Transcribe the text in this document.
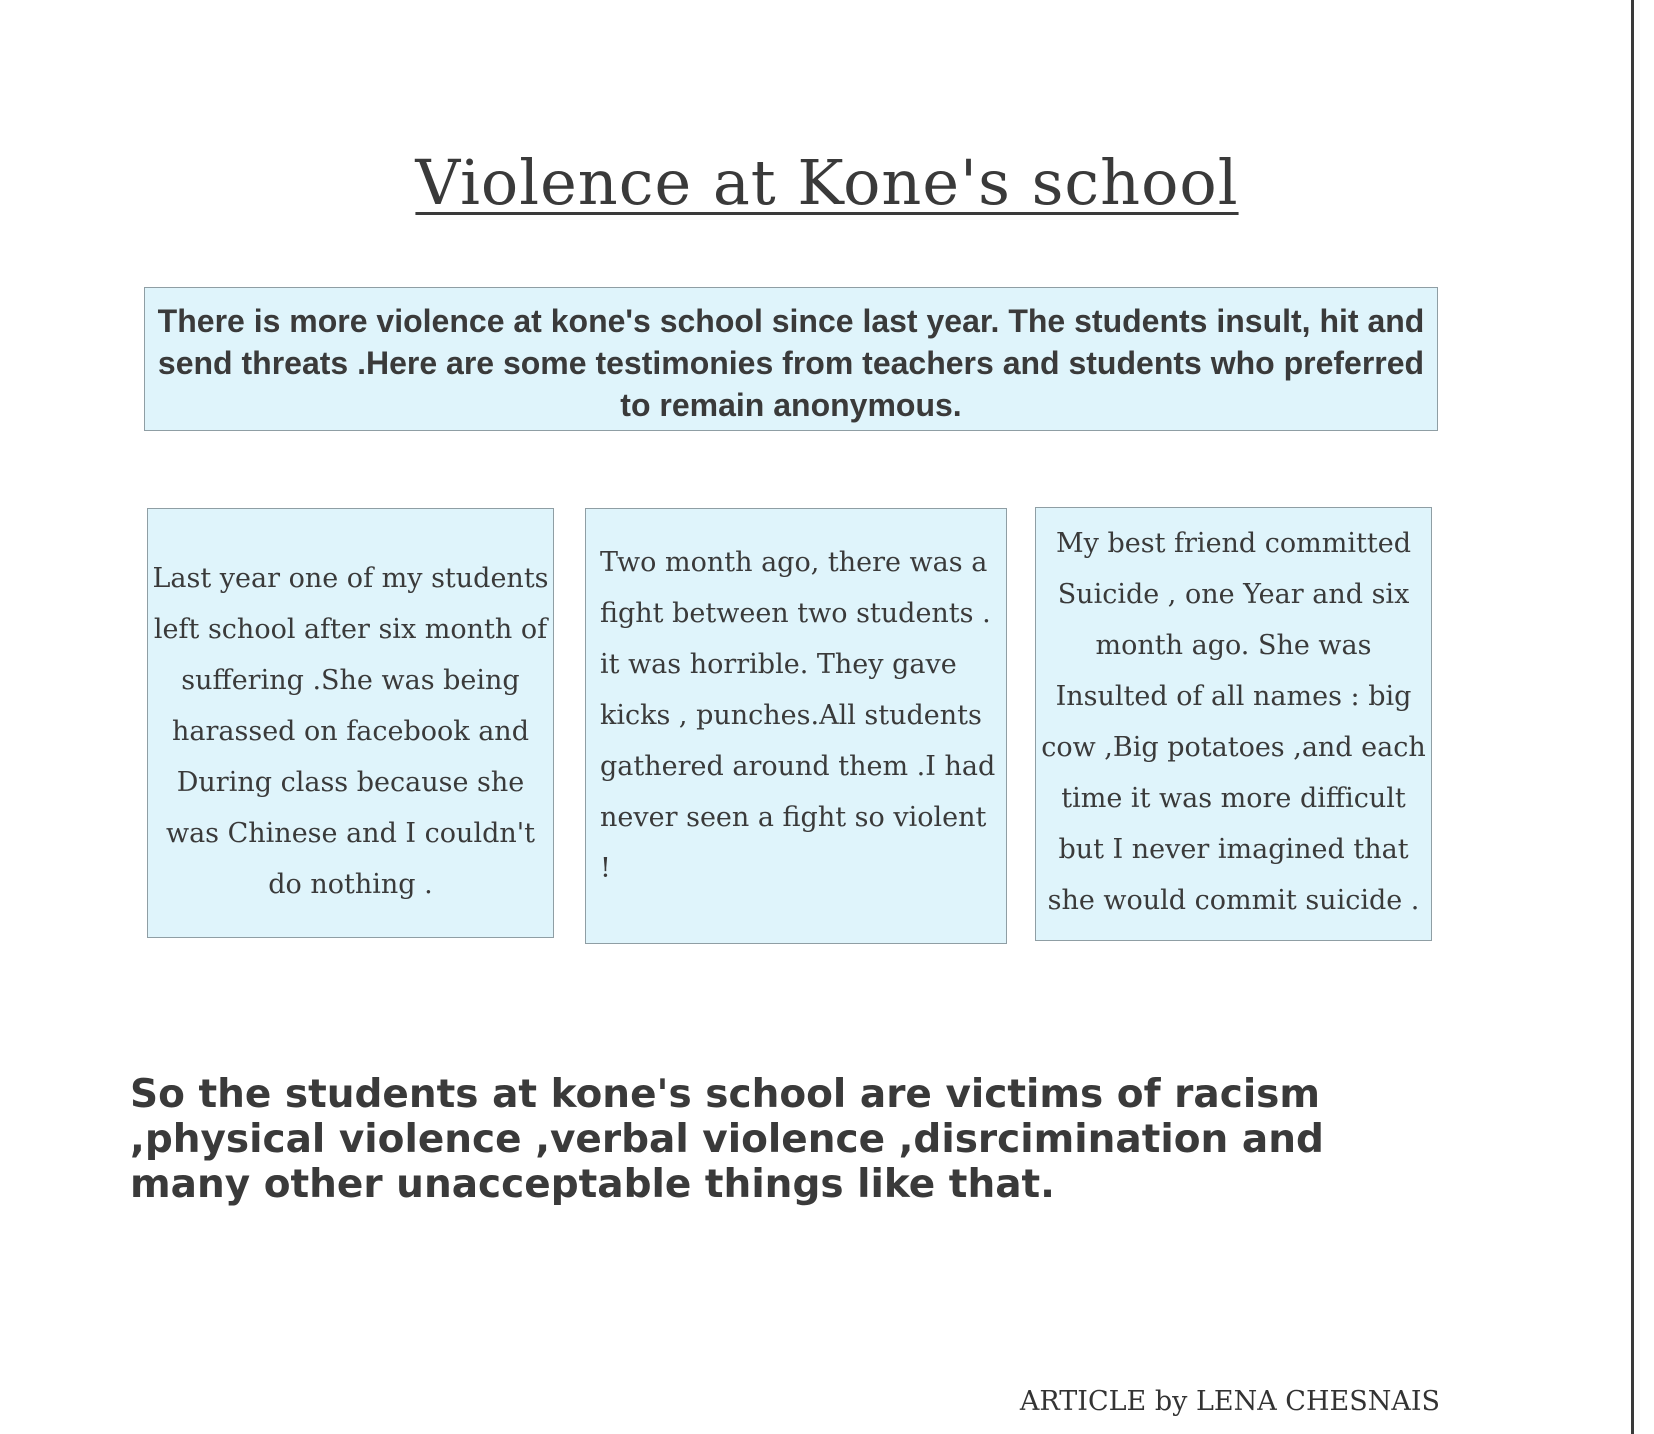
Violence at Kone's school

There is more violence at kone's school since last year. The students insult, hit and send threats .Here are some testimonies from teachers and students who preferred to remain anonymous.

Last year one of my students left school after six month of suffering .She was being harassed on facebook and During class because she was Chinese and I couldn't do nothing .

Two month ago, there was a fight between two students . it was horrible. They gave kicks , punches.All students gathered around them .I had never seen a fight so violent !

My best friend committed Suicide , one Year and six month ago. She was Insulted of all names : big cow ,Big potatoes ,and each time it was more difficult but I never imagined that she would commit suicide .

So the students at kone's school are victims of racism ,physical violence ,verbal violence ,disrcimination and many other unacceptable things like that.

ARTICLE by LENA CHESNAIS
